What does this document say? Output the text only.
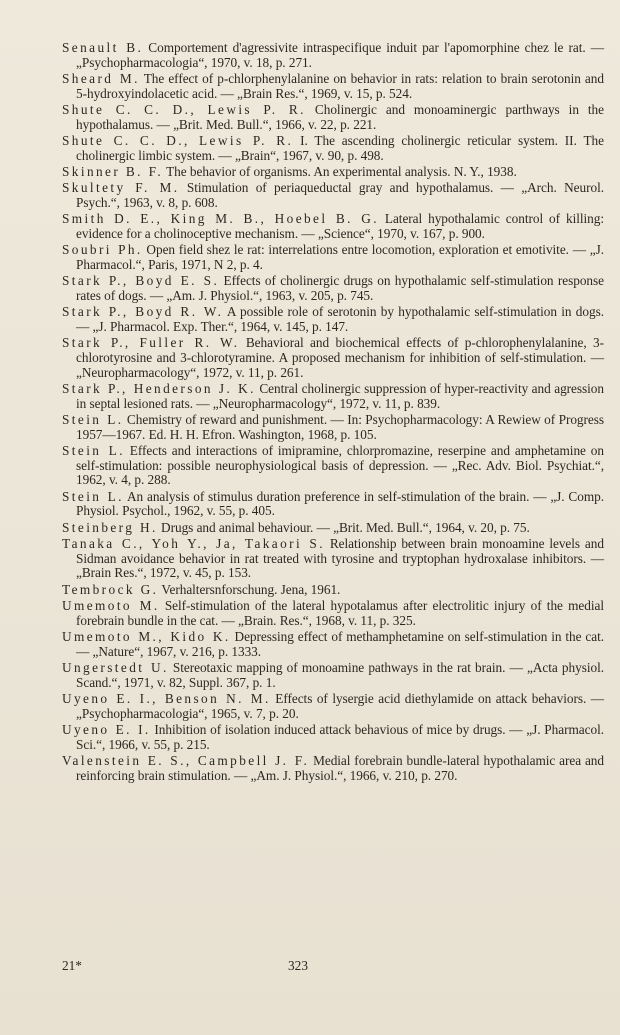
Senault B. Comportement d'agressivite intraspecifique induit par l'apomorphine chez le rat. — „Psychopharmacologia“, 1970, v. 18, p. 271.

Sheard M. The effect of p-chlorphenylalanine on behavior in rats: relation to brain serotonin and 5-hydroxyindolacetic acid. — „Brain Res.“, 1969, v. 15, p. 524.

Shute C. C. D., Lewis P. R. Cholinergic and monoaminergic parthways in the hypothalamus. — „Brit. Med. Bull.“, 1966, v. 22, p. 221.

Shute C. C. D., Lewis P. R. I. The ascending cholinergic reticular system. II. The cholinergic limbic system. — „Brain“, 1967, v. 90, p. 498.

Skinner B. F. The behavior of organisms. An experimental analysis. N. Y., 1938.

Skultety F. M. Stimulation of periaqueductal gray and hypothalamus. — „Arch. Neurol. Psych.“, 1963, v. 8, p. 608.

Smith D. E., King M. B., Hoebel B. G. Lateral hypothalamic control of killing: evidence for a cholinoceptive mechanism. — „Science“, 1970, v. 167, p. 900.

Soubri Ph. Open field shez le rat: interrelations entre locomotion, exploration et emotivite. — „J. Pharmacol.“, Paris, 1971, N 2, p. 4.

Stark P., Boyd E. S. Effects of cholinergic drugs on hypothalamic self-stimulation response rates of dogs. — „Am. J. Physiol.“, 1963, v. 205, p. 745.

Stark P., Boyd R. W. A possible role of serotonin by hypothalamic self-stimulation in dogs. — „J. Pharmacol. Exp. Ther.“, 1964, v. 145, p. 147.

Stark P., Fuller R. W. Behavioral and biochemical effects of p-chlorophenylalanine, 3-chlorotyrosine and 3-chlorotyramine. A proposed mechanism for inhibition of self-stimulation. — „Neuropharmacology“, 1972, v. 11, p. 261.

Stark P., Henderson J. K. Central cholinergic suppression of hyper-reactivity and agression in septal lesioned rats. — „Neuropharmacology“, 1972, v. 11, p. 839.

Stein L. Chemistry of reward and punishment. — In: Psychopharmacology: A Rewiew of Progress 1957—1967. Ed. H. H. Efron. Washington, 1968, p. 105.

Stein L. Effects and interactions of imipramine, chlorpromazine, reserpine and amphetamine on self-stimulation: possible neurophysiological basis of depression. — „Rec. Adv. Biol. Psychiat.“, 1962, v. 4, p. 288.

Stein L. An analysis of stimulus duration preference in self-stimulation of the brain. — „J. Comp. Physiol. Psychol., 1962, v. 55, p. 405.

Steinberg H. Drugs and animal behaviour. — „Brit. Med. Bull.“, 1964, v. 20, p. 75.

Tanaka C., Yoh Y., Ja, Takaori S. Relationship between brain monoamine levels and Sidman avoidance behavior in rat treated with tyrosine and tryptophan hydroxalase inhibitors. — „Brain Res.“, 1972, v. 45, p. 153.

Tembrock G. Verhaltersnforschung. Jena, 1961.

Umemoto M. Self-stimulation of the lateral hypotalamus after electrolitic injury of the medial forebrain bundle in the cat. — „Brain. Res.“, 1968, v. 11, p. 325.

Umemoto M., Kido K. Depressing effect of methamphetamine on self-stimulation in the cat. — „Nature“, 1967, v. 216, p. 1333.

Ungerstedt U. Stereotaxic mapping of monoamine pathways in the rat brain. — „Acta physiol. Scand.“, 1971, v. 82, Suppl. 367, p. 1.

Uyeno E. I., Benson N. M. Effects of lysergie acid diethylamide on attack behaviors. — „Psychopharmacologia“, 1965, v. 7, p. 20.

Uyeno E. I. Inhibition of isolation induced attack behavious of mice by drugs. — „J. Pharmacol. Sci.“, 1966, v. 55, p. 215.

Valenstein E. S., Campbell J. F. Medial forebrain bundle-lateral hypothalamic area and reinforcing brain stimulation. — „Am. J. Physiol.“, 1966, v. 210, p. 270.

21*	323
